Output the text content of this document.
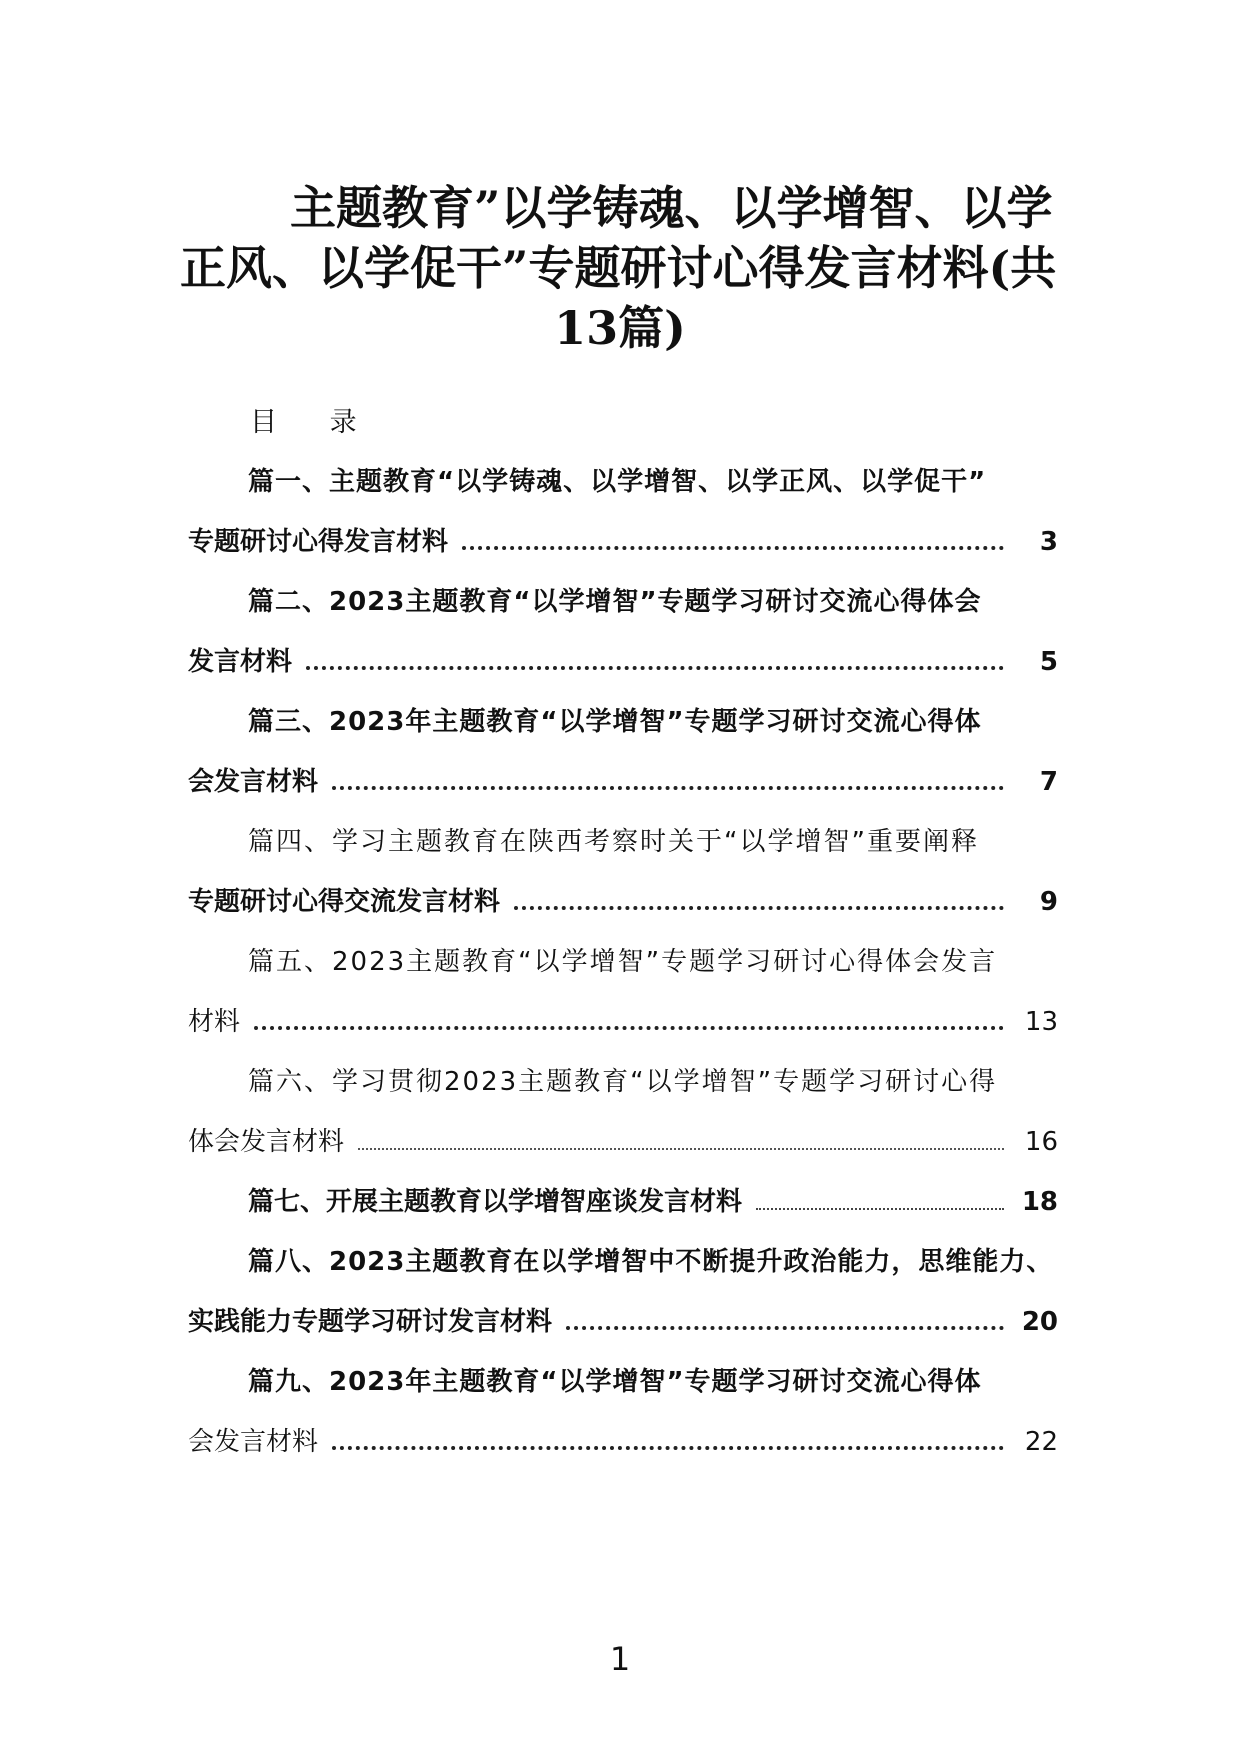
主题教育”以学铸魂、以学增智、以学
正风、以学促干”专题研讨心得发言材料(共
13篇)
目 录
篇一、主题教育“以学铸魂、以学增智、以学正风、以学促干”
专题研讨心得发言材料	3
篇二、2023主题教育“以学增智”专题学习研讨交流心得体会
发言材料	5
篇三、2023年主题教育“以学增智”专题学习研讨交流心得体
会发言材料	7
篇四、学习主题教育在陕西考察时关于“以学增智”重要阐释
专题研讨心得交流发言材料	9
篇五、2023主题教育“以学增智”专题学习研讨心得体会发言
材料	13
篇六、学习贯彻2023主题教育“以学增智”专题学习研讨心得
体会发言材料	16
篇七、开展主题教育以学增智座谈发言材料	18
篇八、2023主题教育在以学增智中不断提升政治能力，思维能力、
实践能力专题学习研讨发言材料	20
篇九、2023年主题教育“以学增智”专题学习研讨交流心得体
会发言材料	22
1
